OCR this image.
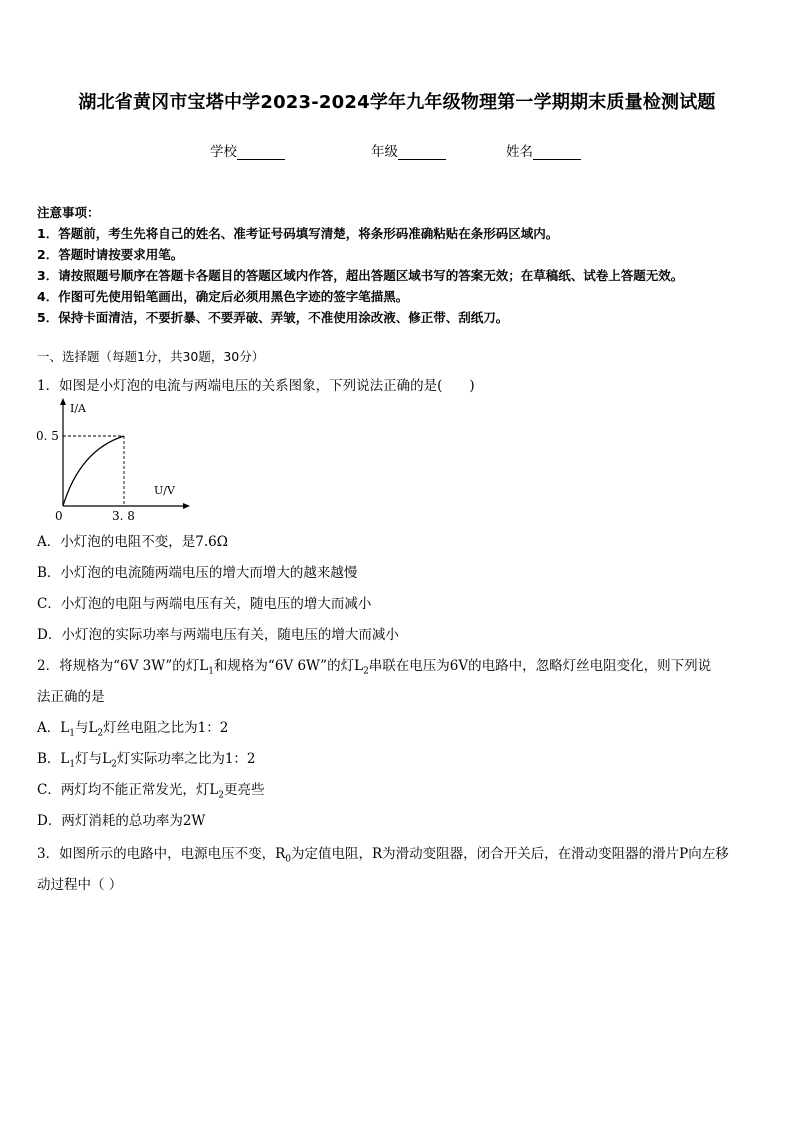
湖北省黄冈市宝塔中学2023-2024学年九年级物理第一学期期末质量检测试题
学校	年级	姓名
注意事项：
1．答题前，考生先将自己的姓名、准考证号码填写清楚，将条形码准确粘贴在条形码区域内。
2．答题时请按要求用笔。
3．请按照题号顺序在答题卡各题目的答题区域内作答，超出答题区域书写的答案无效；在草稿纸、试卷上答题无效。
4．作图可先使用铅笔画出，确定后必须用黑色字迹的签字笔描黑。
5．保持卡面清洁，不要折暴、不要弄破、弄皱，不准使用涂改液、修正带、刮纸刀。
一、选择题（每题1分，共30题，30分）
1．如图是小灯泡的电流与两端电压的关系图象，下列说法正确的是(　　)
I/A
U/V
0. 5
0	3. 8
A．小灯泡的电阻不变，是7.6Ω
B．小灯泡的电流随两端电压的增大而增大的越来越慢
C．小灯泡的电阻与两端电压有关，随电压的增大而减小
D．小灯泡的实际功率与两端电压有关，随电压的增大而减小
2．将规格为“6V 3W”的灯$L_1$和规格为“6V 6W”的灯$L_2$串联在电压为6V的电路中，忽略灯丝电阻变化，则下列说
法正确的是
A．$L_1$与$L_2$灯丝电阻之比为1：2
B．$L_1$灯与$L_2$灯实际功率之比为1：2
C．两灯均不能正常发光，灯$L_2$更亮些
D．两灯消耗的总功率为2W
3．如图所示的电路中，电源电压不变，$R_0$为定值电阻，R为滑动变阻器，闭合开关后，在滑动变阻器的滑片P向左移
动过程中（ ）
